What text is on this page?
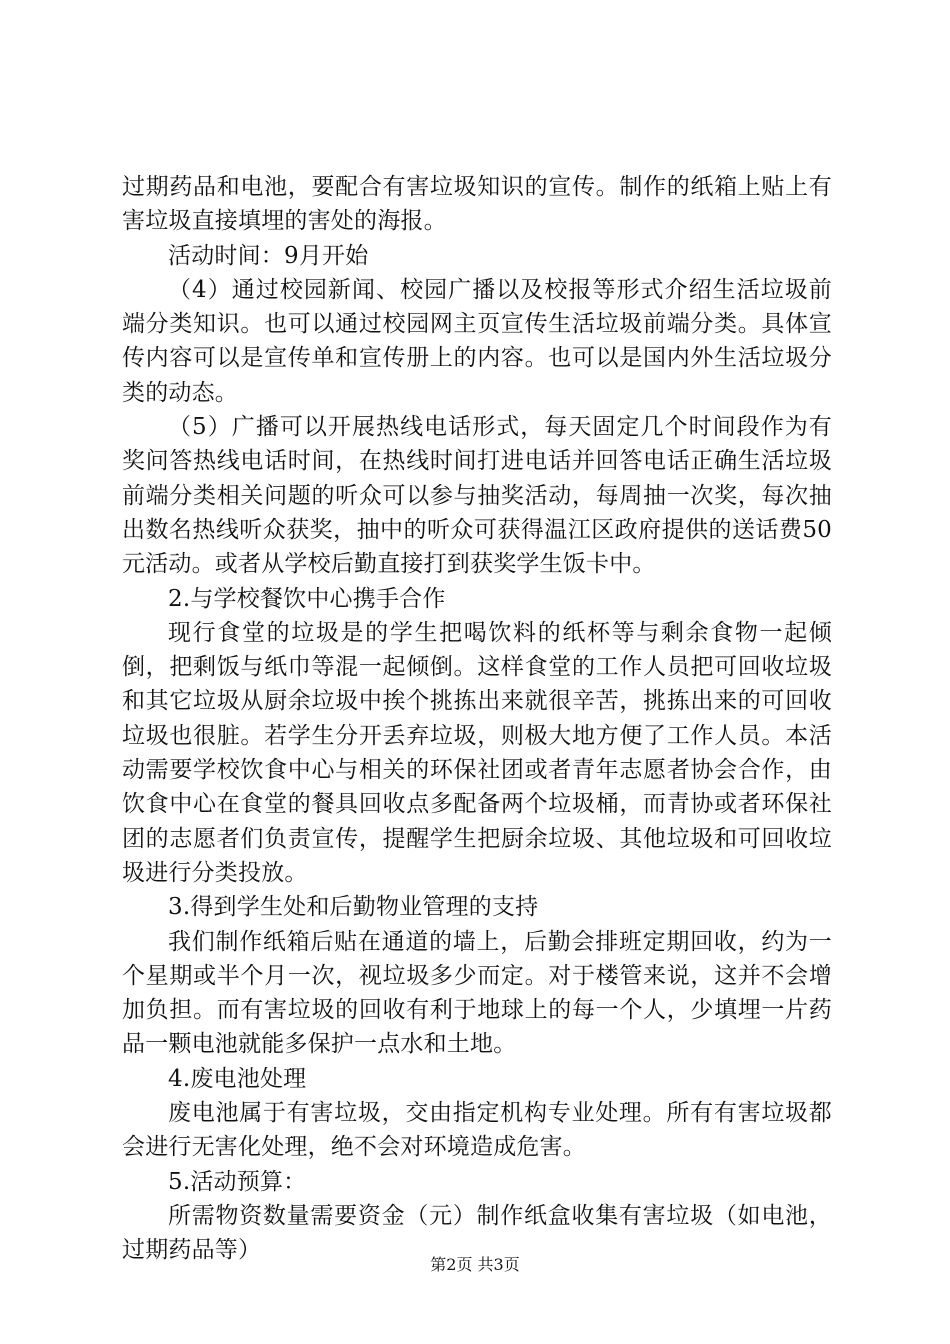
过期药品和电池，要配合有害垃圾知识的宣传。制作的纸箱上贴上有害垃圾直接填埋的害处的海报。

活动时间：9月开始

（4）通过校园新闻、校园广播以及校报等形式介绍生活垃圾前端分类知识。也可以通过校园网主页宣传生活垃圾前端分类。具体宣传内容可以是宣传单和宣传册上的内容。也可以是国内外生活垃圾分类的动态。

（5）广播可以开展热线电话形式，每天固定几个时间段作为有奖问答热线电话时间，在热线时间打进电话并回答电话正确生活垃圾前端分类相关问题的听众可以参与抽奖活动，每周抽一次奖，每次抽出数名热线听众获奖，抽中的听众可获得温江区政府提供的送话费50元活动。或者从学校后勤直接打到获奖学生饭卡中。

2.与学校餐饮中心携手合作

现行食堂的垃圾是的学生把喝饮料的纸杯等与剩余食物一起倾倒，把剩饭与纸巾等混一起倾倒。这样食堂的工作人员把可回收垃圾和其它垃圾从厨余垃圾中挨个挑拣出来就很辛苦，挑拣出来的可回收垃圾也很脏。若学生分开丢弃垃圾，则极大地方便了工作人员。本活动需要学校饮食中心与相关的环保社团或者青年志愿者协会合作，由饮食中心在食堂的餐具回收点多配备两个垃圾桶，而青协或者环保社团的志愿者们负责宣传，提醒学生把厨余垃圾、其他垃圾和可回收垃圾进行分类投放。

3.得到学生处和后勤物业管理的支持

我们制作纸箱后贴在通道的墙上，后勤会排班定期回收，约为一个星期或半个月一次，视垃圾多少而定。对于楼管来说，这并不会增加负担。而有害垃圾的回收有利于地球上的每一个人，少填埋一片药品一颗电池就能多保护一点水和土地。

4.废电池处理

废电池属于有害垃圾，交由指定机构专业处理。所有有害垃圾都会进行无害化处理，绝不会对环境造成危害。

5.活动预算：

所需物资数量需要资金（元）制作纸盒收集有害垃圾（如电池，过期药品等）

第2页 共3页
